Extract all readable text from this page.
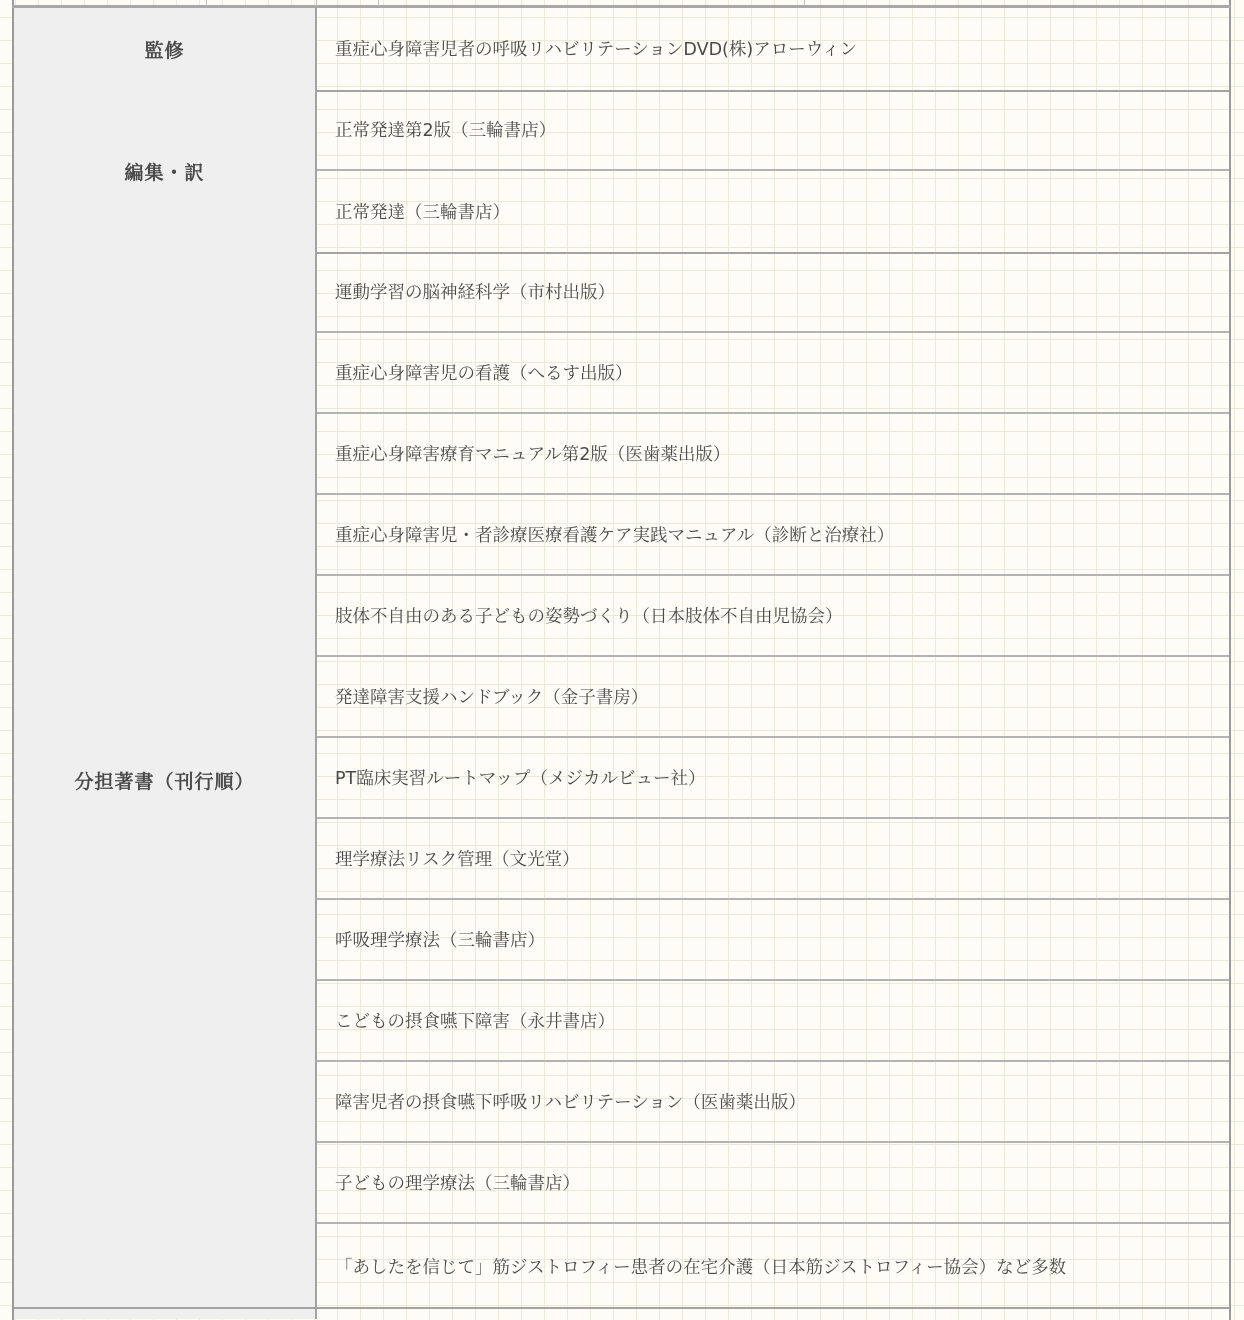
監修	重症心身障害児者の呼吸リハビリテーションDVD(株)アローウィン
編集・訳
正常発達第2版（三輪書店）
正常発達（三輪書店）
分担著書（刊行順）
運動学習の脳神経科学（市村出版）
重症心身障害児の看護（へるす出版）
重症心身障害療育マニュアル第2版（医歯薬出版）
重症心身障害児・者診療医療看護ケア実践マニュアル（診断と治療社）
肢体不自由のある子どもの姿勢づくり（日本肢体不自由児協会）
発達障害支援ハンドブック（金子書房）
PT臨床実習ルートマップ（メジカルビュー社）
理学療法リスク管理（文光堂）
呼吸理学療法（三輪書店）
こどもの摂食嚥下障害（永井書店）
障害児者の摂食嚥下呼吸リハビリテーション（医歯薬出版）
子どもの理学療法（三輪書店）
「あしたを信じて」筋ジストロフィー患者の在宅介護（日本筋ジストロフィー協会）など多数
